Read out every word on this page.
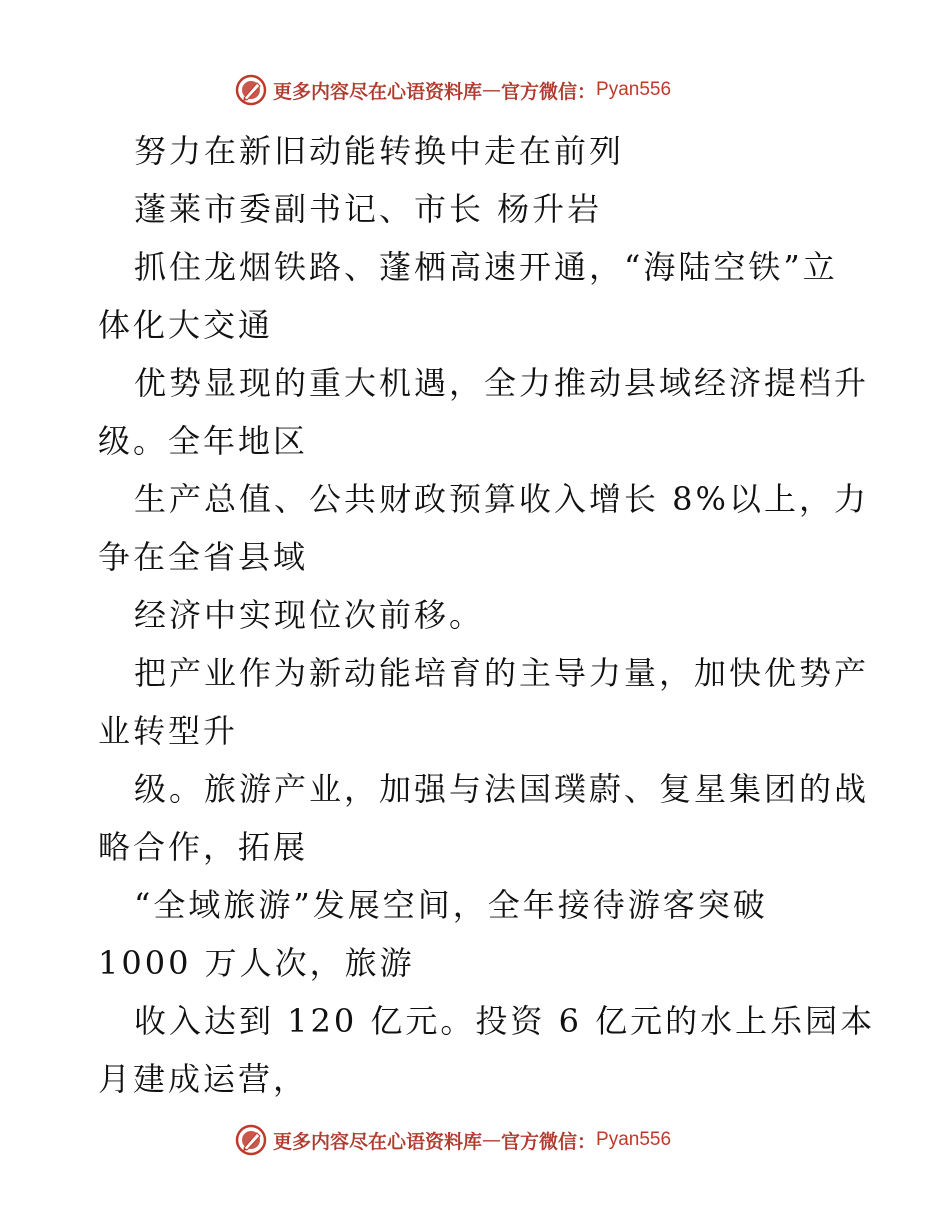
更多内容尽在心语资料库 — 官方微信： Pyan556
努力在新旧动能转换中走在前列
蓬莱市委副书记、市长 杨升岩
抓住龙烟铁路、蓬栖高速开通，“海陆空铁”立
体化大交通
优势显现的重大机遇，全力推动县域经济提档升
级。全年地区
生产总值、公共财政预算收入增长 8%以上，力
争在全省县域
经济中实现位次前移。
把产业作为新动能培育的主导力量，加快优势产
业转型升
级。旅游产业，加强与法国璞蔚、复星集团的战
略合作，拓展
“全域旅游”发展空间，全年接待游客突破
1000 万人次，旅游
收入达到 120 亿元。投资 6 亿元的水上乐园本
月建成运营，
更多内容尽在心语资料库 — 官方微信： Pyan556
